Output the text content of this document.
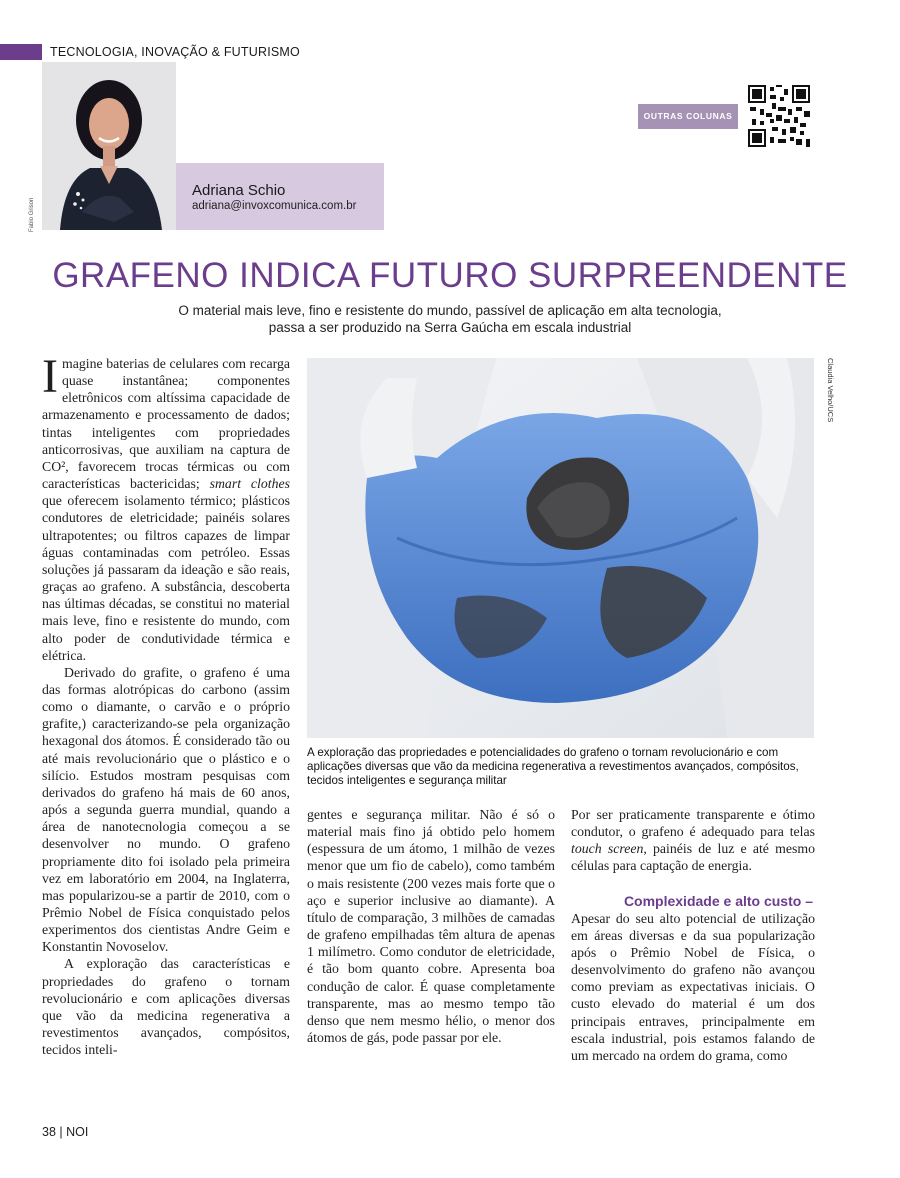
TECNOLOGIA, INOVAÇÃO & FUTURISMO
Fabio Grison
Adriana Schio
adriana@invoxcomunica.com.br
OUTRAS COLUNAS
GRAFENO INDICA FUTURO SURPREENDENTE
O material mais leve, fino e resistente do mundo, passível de aplicação em alta tecnologia,
passa a ser produzido na Serra Gaúcha em escala industrial

Imagine baterias de celulares com recarga quase instantânea; componentes eletrônicos com altíssima capacidade de armazenamento e processamento de dados; tintas inteligentes com propriedades anticorrosivas, que auxiliam na captura de CO², favorecem trocas térmicas ou com características bactericidas; smart clothes que oferecem isolamento térmico; plásticos condutores de eletricidade; painéis solares ultrapotentes; ou filtros capazes de limpar águas contaminadas com petróleo. Essas soluções já passaram da ideação e são reais, graças ao grafeno. A substância, descoberta nas últimas décadas, se constitui no material mais leve, fino e resistente do mundo, com alto poder de condutividade térmica e elétrica.

Derivado do grafite, o grafeno é uma das formas alotrópicas do carbono (assim como o diamante, o carvão e o próprio grafite,) caracterizando-se pela organização hexagonal dos átomos. É considerado tão ou até mais revolucionário que o plástico e o silício. Estudos mostram pesquisas com derivados do grafeno há mais de 60 anos, após a segunda guerra mundial, quando a área de nanotecnologia começou a se desenvolver no mundo. O grafeno propriamente dito foi isolado pela primeira vez em laboratório em 2004, na Inglaterra, mas popularizou-se a partir de 2010, com o Prêmio Nobel de Física conquistado pelos experimentos dos cientistas Andre Geim e Konstantin Novoselov.

A exploração das características e propriedades do grafeno o tornam revolucionário e com aplicações diversas que vão da medicina regenerativa a revestimentos avançados, compósitos, tecidos inteli-

Claudia Velho/UCS
A exploração das propriedades e potencialidades do grafeno o tornam revolucionário e com aplicações diversas que vão da medicina regenerativa a revestimentos avançados, compósitos, tecidos inteligentes e segurança militar

gentes e segurança militar. Não é só o material mais fino já obtido pelo homem (espessura de um átomo, 1 milhão de vezes menor que um fio de cabelo), como também o mais resistente (200 vezes mais forte que o aço e superior inclusive ao diamante). A título de comparação, 3 milhões de camadas de grafeno empilhadas têm altura de apenas 1 milímetro. Como condutor de eletricidade, é tão bom quanto cobre. Apresenta boa condução de calor. É quase completamente transparente, mas ao mesmo tempo tão denso que nem mesmo hélio, o menor dos átomos de gás, pode passar por ele.

Por ser praticamente transparente e ótimo condutor, o grafeno é adequado para telas touch screen, painéis de luz e até mesmo células para captação de energia.

Complexidade e alto custo –

Apesar do seu alto potencial de utilização em áreas diversas e da sua popularização após o Prêmio Nobel de Física, o desenvolvimento do grafeno não avançou como previam as expectativas iniciais. O custo elevado do material é um dos principais entraves, principalmente em escala industrial, pois estamos falando de um mercado na ordem do grama, como

38 | NOI
